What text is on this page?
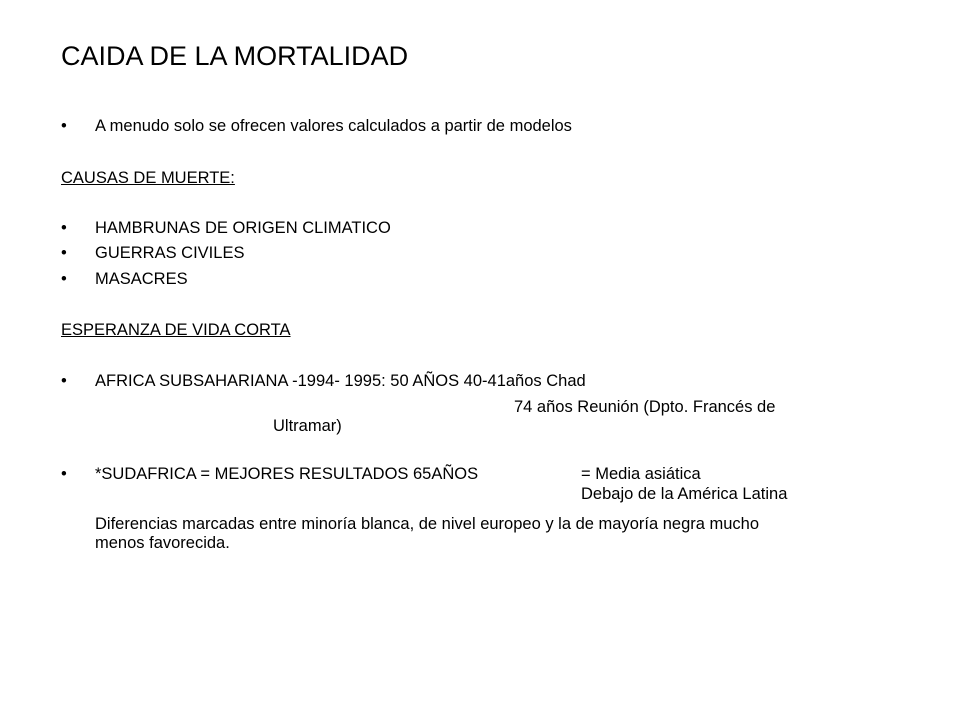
CAIDA DE LA MORTALIDAD
• A menudo solo se ofrecen valores calculados a partir de modelos
CAUSAS DE MUERTE:
• HAMBRUNAS DE ORIGEN CLIMATICO
• GUERRAS CIVILES
• MASACRES
ESPERANZA DE VIDA CORTA
• AFRICA SUBSAHARIANA -1994- 1995: 50 AÑOS 40-41años Chad
74 años Reunión (Dpto. Francés de
Ultramar)
• *SUDAFRICA = MEJORES RESULTADOS 65AÑOS	= Media asiática
Debajo de la América Latina
Diferencias marcadas entre minoría blanca, de nivel europeo y la de mayoría negra mucho
menos favorecida.
